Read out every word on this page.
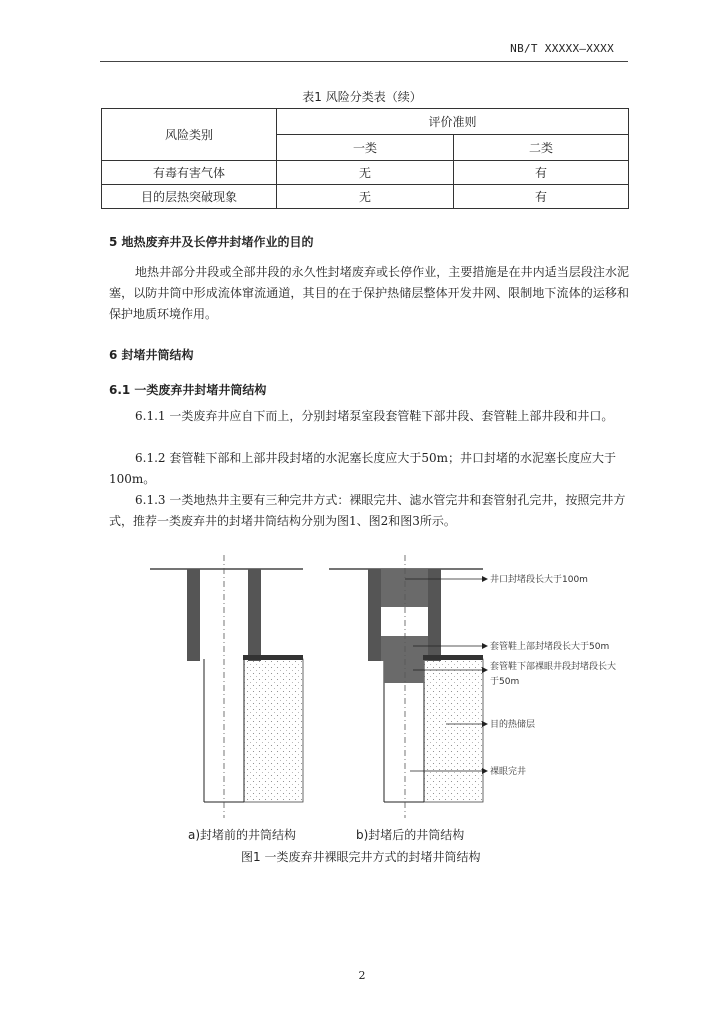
NB/T XXXXX—XXXX
表1 风险分类表（续）
风险类别	评价准则	
	一类	二类
有毒有害气体	无	有
目的层热突破现象	无	有
5 地热废弃井及长停井封堵作业的目的
地热井部分井段或全部井段的永久性封堵废弃或长停作业，主要措施是在井内适当层段注水泥塞，以防井筒中形成流体窜流通道，其目的在于保护热储层整体开发井网、限制地下流体的运移和保护地质环境作用。
6 封堵井筒结构
6.1 一类废弃井封堵井筒结构
6.1.1 一类废弃井应自下而上，分别封堵泵室段套管鞋下部井段、套管鞋上部井段和井口。
6.1.2 套管鞋下部和上部井段封堵的水泥塞长度应大于50m；井口封堵的水泥塞长度应大于100m。
6.1.3 一类地热井主要有三种完井方式：裸眼完井、滤水管完井和套管射孔完井，按照完井方式，推荐一类废弃井的封堵井筒结构分别为图1、图2和图3所示。
井口封堵段长大于100m
套管鞋上部封堵段长大于50m
套管鞋下部裸眼井段封堵段长大
于50m
目的热储层
裸眼完井
a)封堵前的井筒结构	b)封堵后的井筒结构
图1 一类废弃井裸眼完井方式的封堵井筒结构
2
